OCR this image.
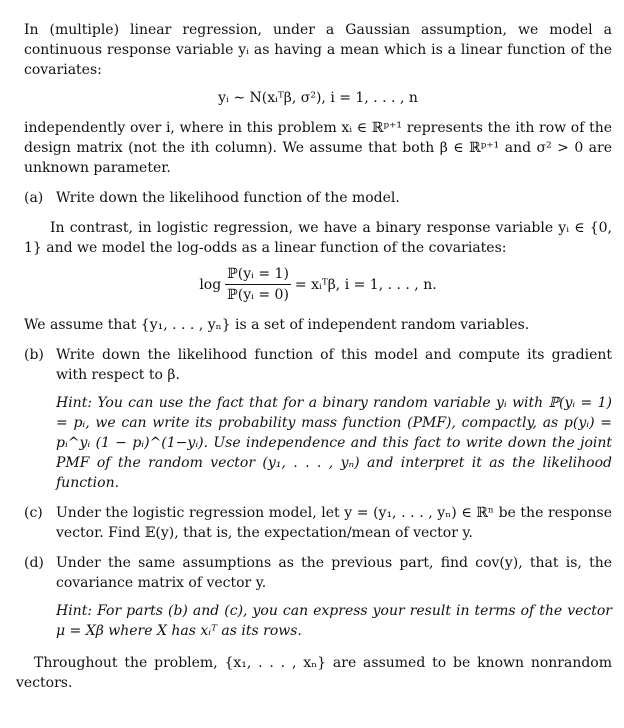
In (multiple) linear regression, under a Gaussian assumption, we model a continuous response variable yᵢ as having a mean which is a linear function of the covariates:

yᵢ ∼ N(xᵢᵀβ, σ²), i = 1, . . . , n

independently over i, where in this problem xᵢ ∈ ℝᵖ⁺¹ represents the ith row of the design matrix (not the ith column). We assume that both β ∈ ℝᵖ⁺¹ and σ² > 0 are unknown parameter.

(a) Write down the likelihood function of the model.

In contrast, in logistic regression, we have a binary response variable yᵢ ∈ {0, 1} and we model the log-odds as a linear function of the covariates:

$\log \frac{\text{ℙ(yᵢ = 1)}}{\text{ℙ(yᵢ = 0)}}$ = xᵢᵀβ, i = 1, . . . , n.

We assume that {y₁, . . . , yₙ} is a set of independent random variables.

(b) Write down the likelihood function of this model and compute its gradient with respect to β.

Hint: You can use the fact that for a binary random variable yᵢ with ℙ(yᵢ = 1) = pᵢ, we can write its probability mass function (PMF), compactly, as p(yᵢ) = pᵢ^yᵢ (1 − pᵢ)^(1−yᵢ). Use independence and this fact to write down the joint PMF of the random vector (y₁, . . . , yₙ) and interpret it as the likelihood function.

(c) Under the logistic regression model, let y = (y₁, . . . , yₙ) ∈ ℝⁿ be the response vector. Find 𝔼(y), that is, the expectation/mean of vector y.
(d) Under the same assumptions as the previous part, find cov(y), that is, the covariance matrix of vector y.

Hint: For parts (b) and (c), you can express your result in terms of the vector μ = Xβ where X has xᵢᵀ as its rows.

Throughout the problem, {x₁, . . . , xₙ} are assumed to be known nonrandom vectors.
